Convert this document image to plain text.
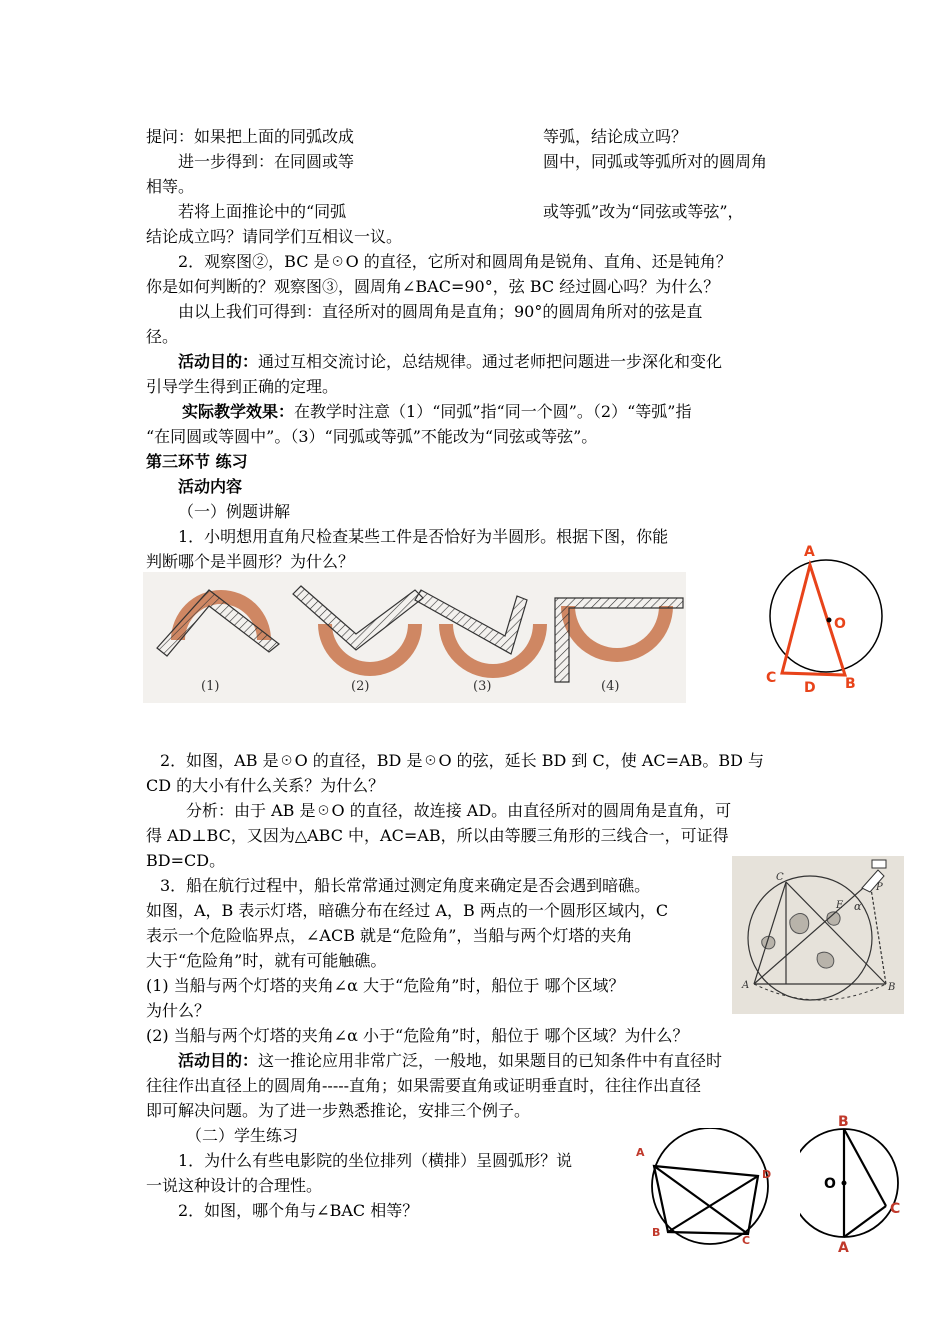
提问：如果把上面的同弧改成	等弧，结论成立吗？
进一步得到：在同圆或等	圆中，同弧或等弧所对的圆周角
相等。
若将上面推论中的“同弧	或等弧”改为“同弦或等弦”，
结论成立吗？请同学们互相议一议。
2．观察图②，BC 是☉O 的直径，它所对和圆周角是锐角、直角、还是钝角？
你是如何判断的？观察图③，圆周角∠BAC=90°，弦 BC 经过圆心吗？为什么？
由以上我们可得到：直径所对的圆周角是直角；90°的圆周角所对的弦是直
径。
活动目的：通过互相交流讨论，总结规律。通过老师把问题进一步深化和变化
引导学生得到正确的定理。
实际教学效果：在教学时注意（1）“同弧”指“同一个圆”。（2）“等弧”指
“在同圆或等圆中”。（3）“同弧或等弧”不能改为“同弦或等弦”。
第三环节 练习
活动内容
（一）例题讲解
1．小明想用直角尺检查某些工件是否恰好为半圆形。根据下图，你能
判断哪个是半圆形？为什么？
2．如图，AB 是☉O 的直径，BD 是☉O 的弦，延长 BD 到 C，使 AC=AB。BD 与
CD 的大小有什么关系？为什么？
分析：由于 AB 是☉O 的直径，故连接 AD。由直径所对的圆周角是直角，可
得 AD⊥BC，又因为△ABC 中，AC=AB，所以由等腰三角形的三线合一，可证得
BD=CD。
3．船在航行过程中，船长常常通过测定角度来确定是否会遇到暗礁。
如图，A，B 表示灯塔，暗礁分布在经过 A，B 两点的一个圆形区域内，C
表示一个危险临界点，∠ACB 就是“危险角”，当船与两个灯塔的夹角
大于“危险角”时，就有可能触礁。
(1) 当船与两个灯塔的夹角∠α 大于“危险角”时，船位于 哪个区域？
为什么？
(2) 当船与两个灯塔的夹角∠α 小于“危险角”时，船位于 哪个区域？为什么？
活动目的：这一推论应用非常广泛，一般地，如果题目的已知条件中有直径时
往往作出直径上的圆周角-----直角；如果需要直角或证明垂直时，往往作出直径
即可解决问题。为了进一步熟悉推论，安排三个例子。
（二）学生练习
1．为什么有些电影院的坐位排列（横排）呈圆弧形？说
一说这种设计的合理性。
2．如图，哪个角与∠BAC 相等？
A
O
C
D B
(1)	(2)	(3)	(4)
P
α
E
C
A	B
A
D
B
C
B
O
C
A
